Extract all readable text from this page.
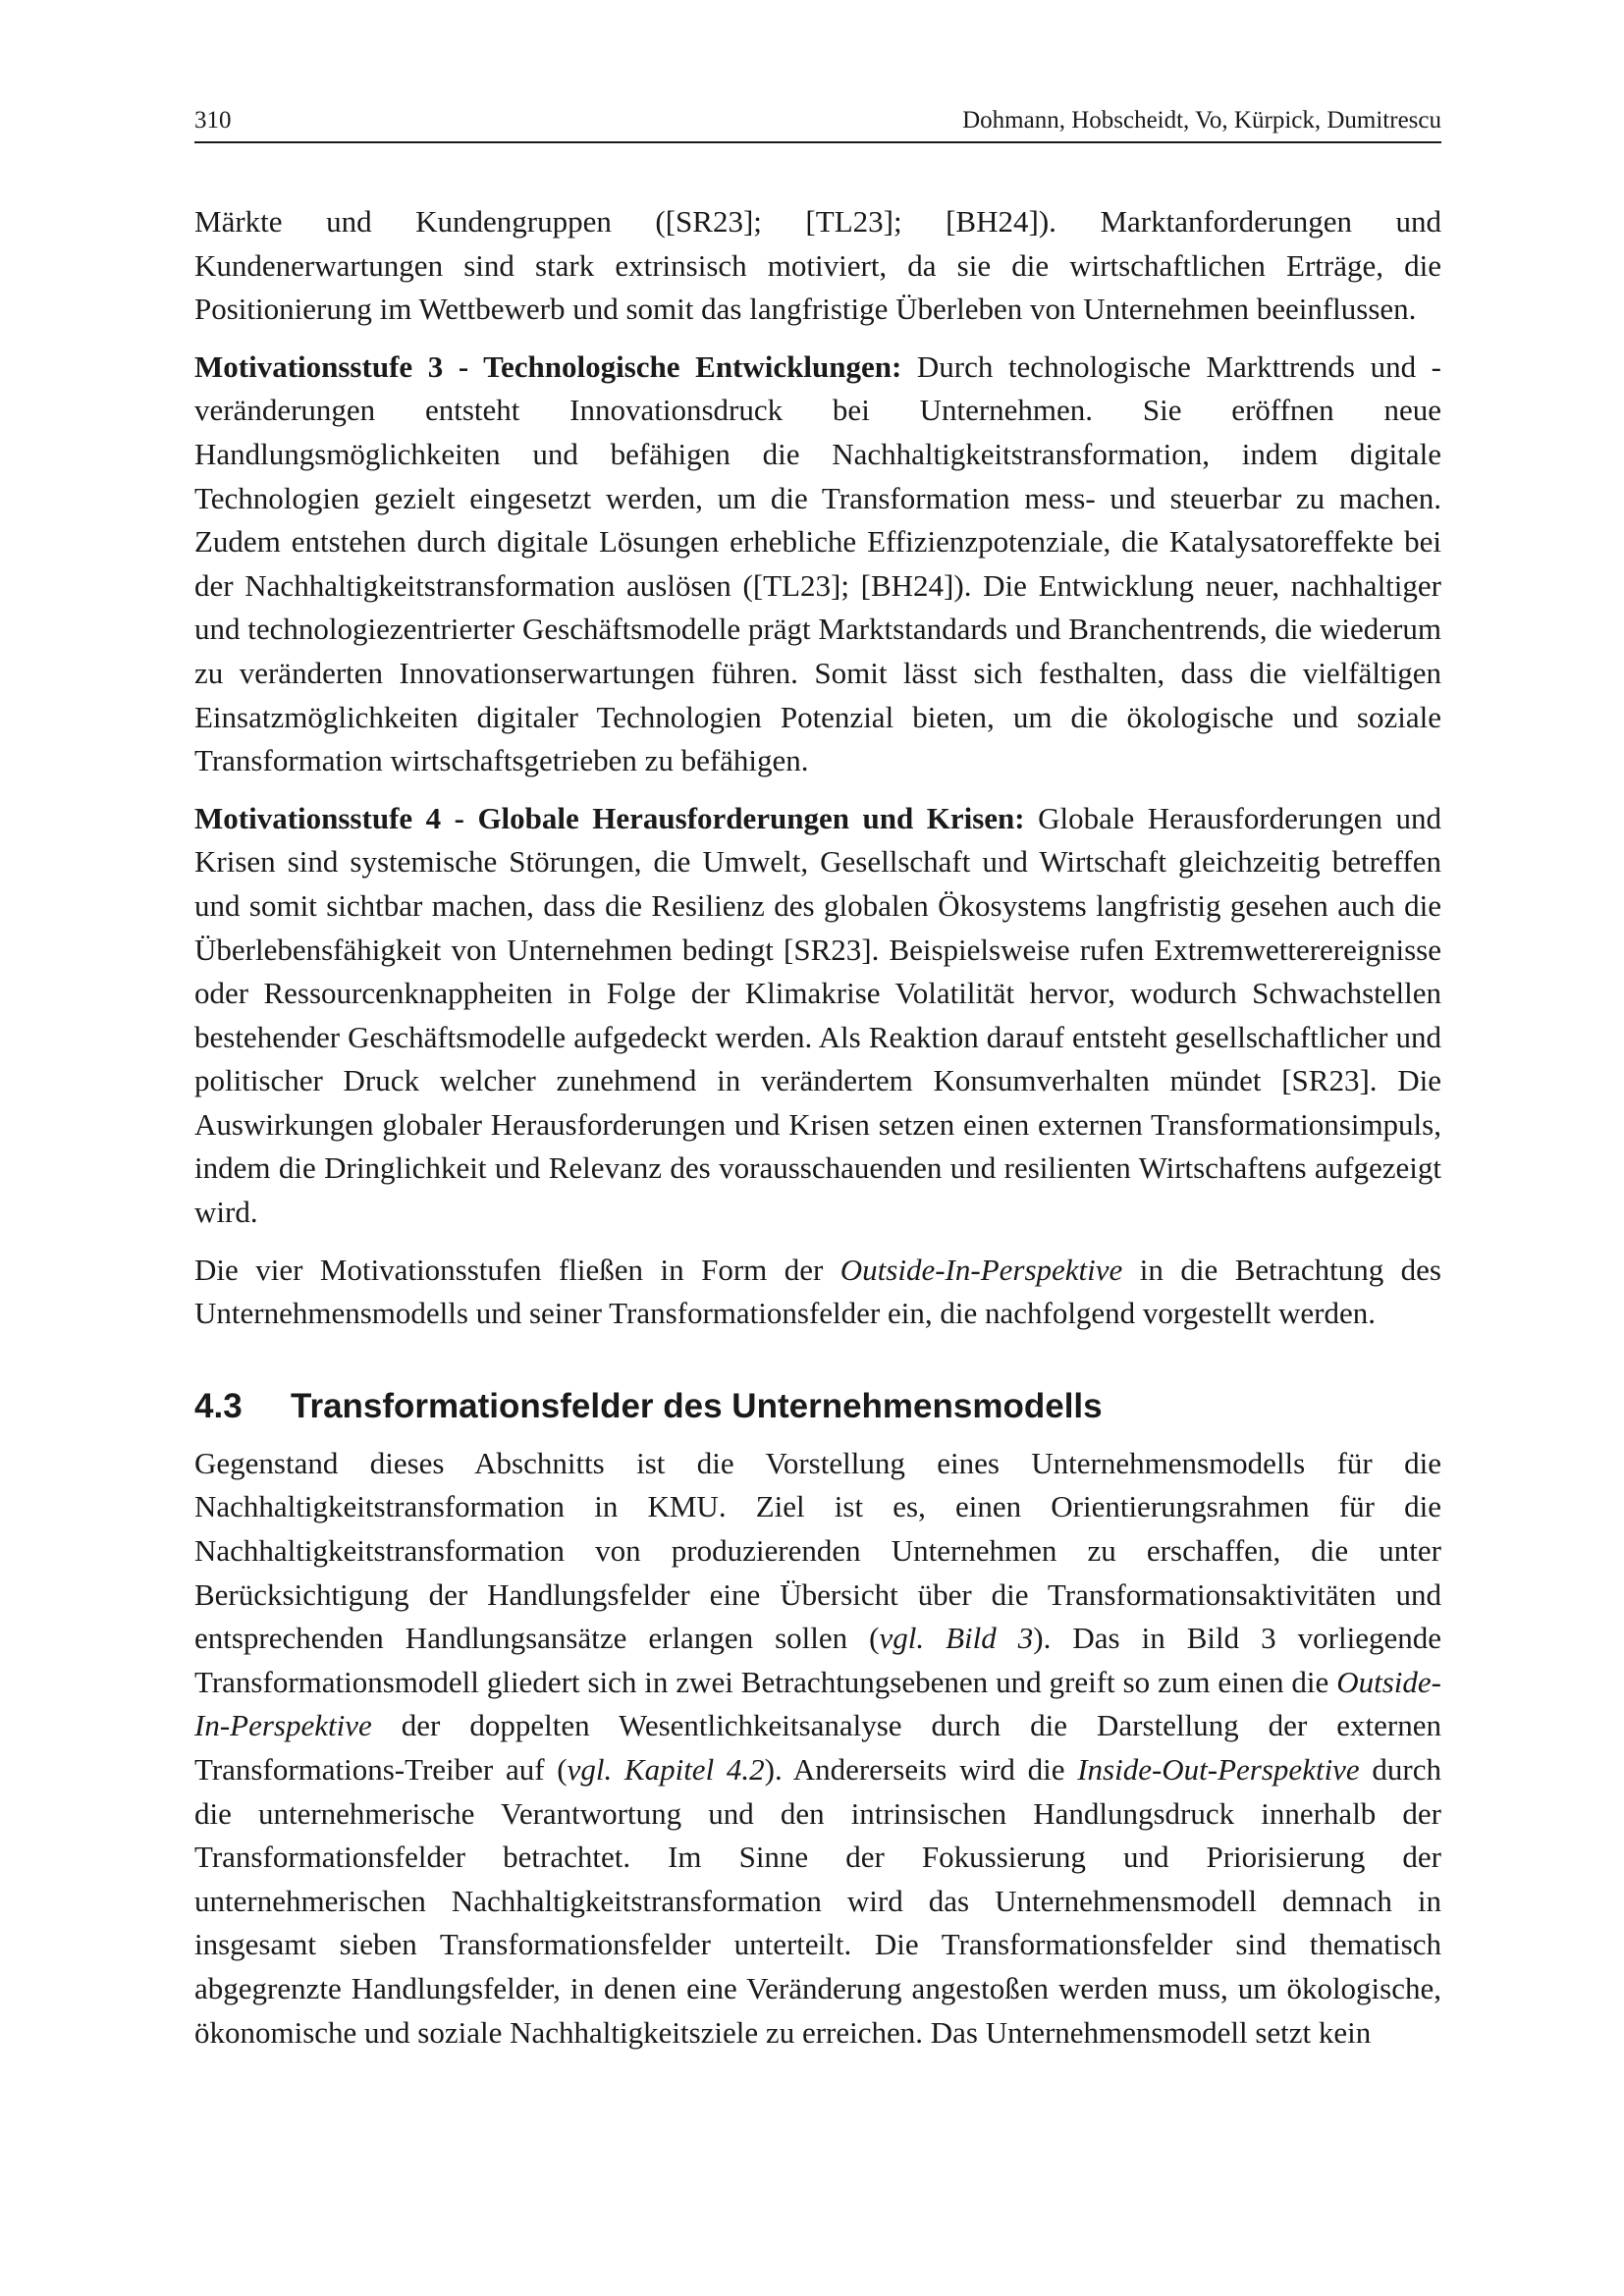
310	Dohmann, Hobscheidt, Vo, Kürpick, Dumitrescu

Märkte und Kundengruppen ([SR23]; [TL23]; [BH24]). Marktanforderungen und Kundenerwartungen sind stark extrinsisch motiviert, da sie die wirtschaftlichen Erträge, die Positionierung im Wettbewerb und somit das langfristige Überleben von Unternehmen beeinflussen.

Motivationsstufe 3 - Technologische Entwicklungen: Durch technologische Markttrends und -veränderungen entsteht Innovationsdruck bei Unternehmen. Sie eröffnen neue Handlungsmöglichkeiten und befähigen die Nachhaltigkeitstransformation, indem digitale Technologien gezielt eingesetzt werden, um die Transformation mess- und steuerbar zu machen. Zudem entstehen durch digitale Lösungen erhebliche Effizienzpotenziale, die Katalysatoreffekte bei der Nachhaltigkeitstransformation auslösen ([TL23]; [BH24]). Die Entwicklung neuer, nachhaltiger und technologiezentrierter Geschäftsmodelle prägt Marktstandards und Branchentrends, die wiederum zu veränderten Innovationserwartungen führen. Somit lässt sich festhalten, dass die vielfältigen Einsatzmöglichkeiten digitaler Technologien Potenzial bieten, um die ökologische und soziale Transformation wirtschaftsgetrieben zu befähigen.

Motivationsstufe 4 - Globale Herausforderungen und Krisen: Globale Herausforderungen und Krisen sind systemische Störungen, die Umwelt, Gesellschaft und Wirtschaft gleichzeitig betreffen und somit sichtbar machen, dass die Resilienz des globalen Ökosystems langfristig gesehen auch die Überlebensfähigkeit von Unternehmen bedingt [SR23]. Beispielsweise rufen Extremwetterereignisse oder Ressourcenknappheiten in Folge der Klimakrise Volatilität hervor, wodurch Schwachstellen bestehender Geschäftsmodelle aufgedeckt werden. Als Reaktion darauf entsteht gesellschaftlicher und politischer Druck welcher zunehmend in verändertem Konsumverhalten mündet [SR23]. Die Auswirkungen globaler Herausforderungen und Krisen setzen einen externen Transformationsimpuls, indem die Dringlichkeit und Relevanz des vorausschauenden und resilienten Wirtschaftens aufgezeigt wird.

Die vier Motivationsstufen fließen in Form der Outside-In-Perspektive in die Betrachtung des Unternehmensmodells und seiner Transformationsfelder ein, die nachfolgend vorgestellt werden.

4.3	Transformationsfelder des Unternehmensmodells

Gegenstand dieses Abschnitts ist die Vorstellung eines Unternehmensmodells für die Nachhaltigkeitstransformation in KMU. Ziel ist es, einen Orientierungsrahmen für die Nachhaltigkeitstransformation von produzierenden Unternehmen zu erschaffen, die unter Berücksichtigung der Handlungsfelder eine Übersicht über die Transformationsaktivitäten und entsprechenden Handlungsansätze erlangen sollen (vgl. Bild 3). Das in Bild 3 vorliegende Transformationsmodell gliedert sich in zwei Betrachtungsebenen und greift so zum einen die Outside-In-Perspektive der doppelten Wesentlichkeitsanalyse durch die Darstellung der externen Transformations-Treiber auf (vgl. Kapitel 4.2). Andererseits wird die Inside-Out-Perspektive durch die unternehmerische Verantwortung und den intrinsischen Handlungsdruck innerhalb der Transformationsfelder betrachtet. Im Sinne der Fokussierung und Priorisierung der unternehmerischen Nachhaltigkeitstransformation wird das Unternehmensmodell demnach in insgesamt sieben Transformationsfelder unterteilt. Die Transformationsfelder sind thematisch abgegrenzte Handlungsfelder, in denen eine Veränderung angestoßen werden muss, um ökologische, ökonomische und soziale Nachhaltigkeitsziele zu erreichen. Das Unternehmensmodell setzt kein
